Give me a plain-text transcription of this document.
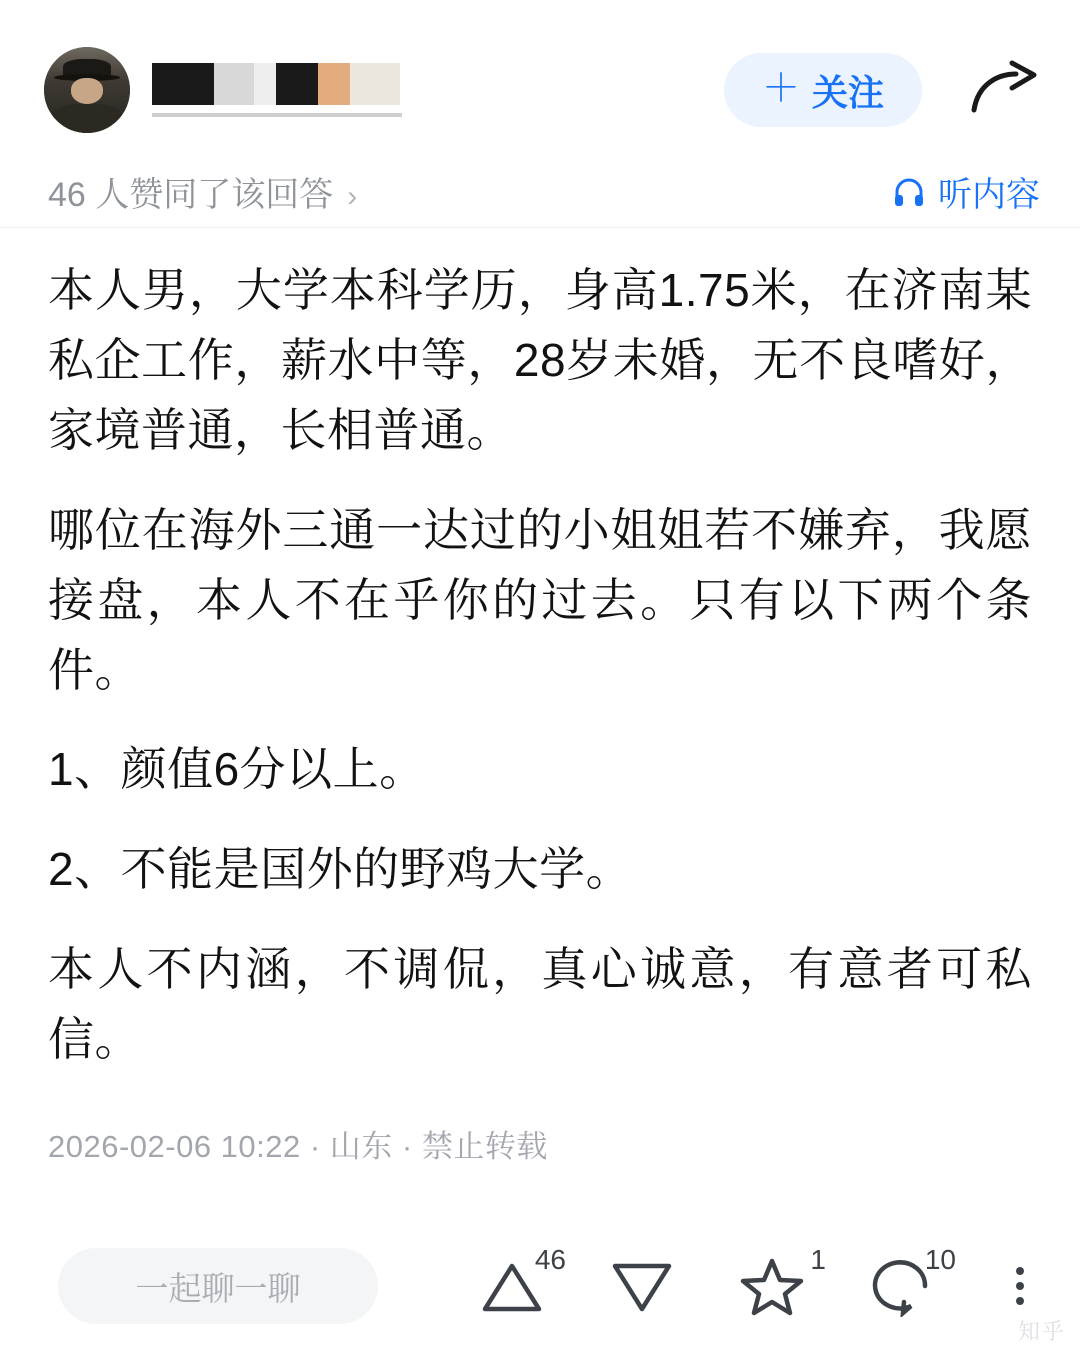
＋ 关注
46 人赞同了该回答 ›	听内容

本人男，大学本科学历，身高1.75米，在济南某私企工作，薪水中等，28岁未婚，无不良嗜好，家境普通，长相普通。

哪位在海外三通一达过的小姐姐若不嫌弃，我愿接盘，本人不在乎你的过去。只有以下两个条件。

1、颜值6分以上。

2、不能是国外的野鸡大学。

本人不内涵，不调侃，真心诚意，有意者可私信。

2026-02-06 10:22 · 山东 · 禁止转载
一起聊一聊
46	1	10
知乎
